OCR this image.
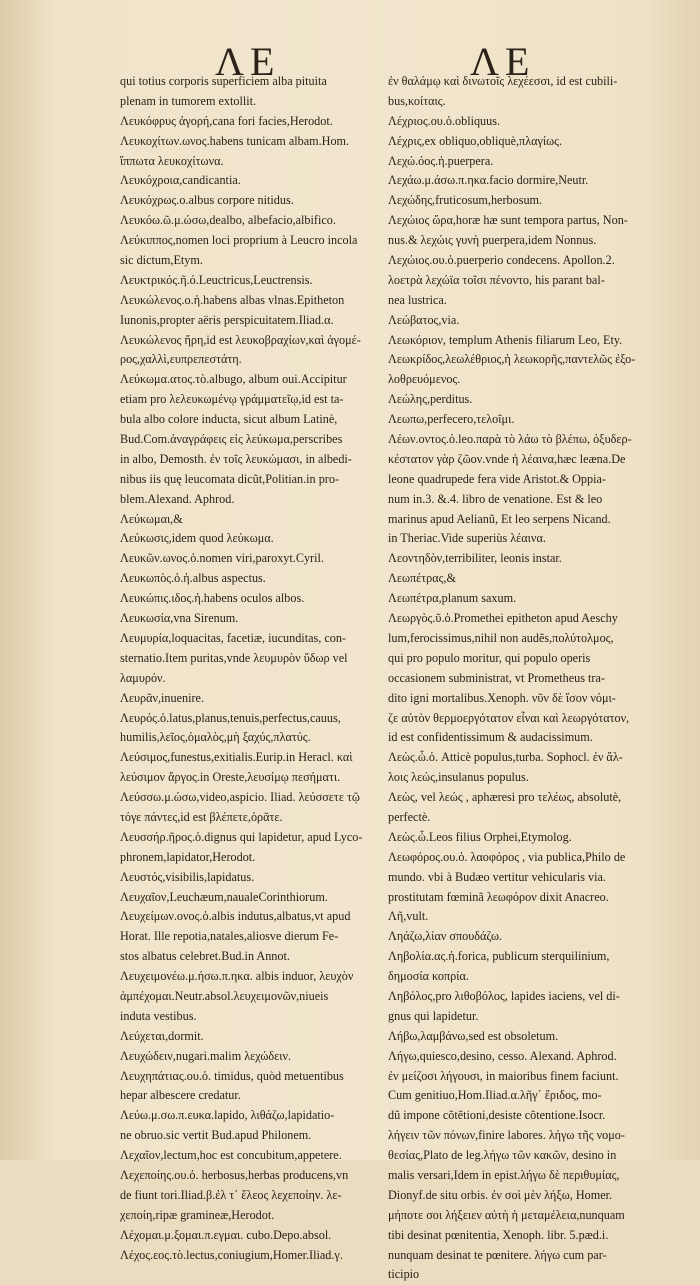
ΛΕ	ΛΕ
qui totius corporis superficiem alba pituita
plenam in tumorem extollit.
Λευκόφρυς ἀγορή,cana fori facies,Herodot.
Λευκοχίτων.ωνος.habens tunicam albam.Hom.
ἵππωτα λευκοχίτωνα.
Λευκόχροια,candicantia.
Λευκόχρως.ο.albus corpore nitidus.
Λευκόω.ῶ.μ.ώσω,dealbo, albefacio,albifico.
Λεύκιππος,nomen loci proprium à Leucro incola
sic dictum,Etym.
Λευκτρικός.ῆ.ό.Leuctricus,Leuctrensis.
Λευκώλενος.ο.ἡ.habens albas vlnas.Epitheton
Iunonis,propter aëris perspicuitatem.Iliad.α.
Λευκώλενος ἥρη,id est λευκοβραχίων,καὶ ἀγομέ-
ρος,χαλλὶ,ευπρεπεστάτη.
Λεύκωμα.ατος.τὸ.albugo, album oui.Accipitur
etiam pro λελευκωμένῳ γράμματεῖῳ,id est ta-
bula albo colore inducta, sicut album Latinè,
Bud.Com.ἀναγράφεις εἰς λεύκωμα,perscribes
in albo, Demosth. ἐν τοῖς λευκώμασι, in albedi-
nibus iis quę leucomata dicũt,Politian.in pro-
blem.Alexand. Aphrod.
Λεύκωμαι,&
Λεύκωσις,idem quod λεύκωμα.
Λευκῶν.ωνος.ὁ.nomen viri,paroxyt.Cyril.
Λευκωπὸς.ὁ.ἡ.albus aspectus.
Λευκώπις.ιδος.ἡ.habens oculos albos.
Λευκωσία,vna Sirenum.
Λευμυρία,loquacitas, facetiæ, iucunditas, con-
sternatio.Item puritas,vnde λευμυρὸν ὕδωρ vel
λαμυρόν.
Λευρᾶν,inuenire.
Λευρός.ὁ.latus,planus,tenuis,perfectus,cauus,
humilis,λεῖος,ὁμαλὸς,μὴ ξαχύς,πλατύς.
Λεύσιμος,funestus,exitialis.Eurip.in Heracl. καὶ
λεύσιμον ἄργος.in Oreste,λευσίμῳ πεσήματι.
Λεύσσω.μ.ώσω,video,aspicio. Iliad. λεύσσετε τῷ
τόγε πάντες,id est βλέπετε,ὁρᾶτε.
Λευσσήρ.ῆρος.ὁ.dignus qui lapidetur, apud Lyco-
phronem,lapidator,Herodot.
Λευστός,visibilis,lapidatus.
Λευχαῖον,Leuchæum,naualeCorinthiorum.
Λευχείμων.ονος.ὁ.albis indutus,albatus,vt apud
Horat. Ille repotia,natales,aliosve dierum Fe-
stos albatus celebret.Bud.in Annot.
Λευχειμονέω.μ.ήσω.π.ηκα. albis induor, λευχὸν
ἀμπέχομαι.Neutr.absol.λευχειμονῶν,niueis
induta vestibus.
Λεύχεται,dormit.
Λευχώδειν,nugari.malim λεχώδειν.
Λευχηπάτιας.ου.ὁ. timidus, quòd metuentibus
hepar albescere credatur.
Λεύω.μ.σω.π.ευκα.lapido, λιθάζω,lapidatio-
ne obruo.sic vertit Bud.apud Philonem.
Λεχαῖον,lectum,hoc est concubitum,appetere.
Λεχεποίης.ου.ὁ. herbosus,herbas producens,vn
de fiunt tori.Iliad.β.ἐλ τ᾽ ἕλεος λεχεποίην. λε-
χεποίη,ripæ gramineæ,Herodot.
Λέχομαι.μ.ξομαι.π.εγμαι. cubo.Depo.absol.
Λέχος.εος.τὸ.lectus,coniugium,Homer.Iliad.γ.
ἐν θαλάμῳ καὶ δινωτοῖς λεχέεσσι, id est cubili-
bus,κοίταις.
Λέχριος.ου.ὁ.obliquus.
Λέχρις,ex obliquo,obliquè,πλαγίως.
Λεχώ.όος.ἡ.puerpera.
Λεχάω.μ.άσω.π.ηκα.facio dormire,Neutr.
Λεχώδης,fruticosum,herbosum.
Λεχώιος ὥρα,horæ hæ sunt tempora partus, Non-
nus.& λεχώις γυνὴ puerpera,idem Nonnus.
Λεχώιος.ου.ὁ.puerperio condecens. Apollon.2.
λοετρὰ λεχώϊα τοῖσι πένοντο, his parant bal-
nea lustrica.
Λεώβατος,via.
Λεωκόριον, templum Athenis filiarum Leo, Ety.
Λεωκρίδος,λεωλέθριος,ἡ λεωκορῆς,παντελῶς ἐξο-
λοθρευόμενος.
Λεώλης,perditus.
Λεωπω,perfecero,τελοῖμι.
Λέων.οντος.ὁ.leo.παρὰ τὸ λάω τὸ βλέπω, ὀξυδερ-
κέστατον γὰρ ζῶον.vnde ἡ λέαινα,hæc leæna.De
leone quadrupede fera vide Aristot.& Oppia-
num in.3. &.4. libro de venatione. Est & leo
marinus apud Aelianũ, Et leo serpens Nicand.
in Theriac.Vide superiùs λέαινα.
Λεοντηδὸν,terribiliter, leonis instar.
Λεωπέτρας,&
Λεωπέτρα,planum saxum.
Λεωργὸς.ῦ.ὁ.Promethei epitheton apud Aeschy
lum,ferocissimus,nihil non audẽs,πολύτολμος,
qui pro populo moritur, qui populo operis
occasionem subministrat, vt Prometheus tra-
dito igni mortalibus.Xenoph. νῦν δὲ ἴσον νόμι-
ζε αὐτὸν θερμοεργότατον εἶναι καὶ λεωργότατον,
id est confidentissimum & audacissimum.
Λεὼς.ὦ.ὁ. Atticè populus,turba. Sophocl. ἐν ἄλ-
λοις λεώς,insulanus populus.
Λεὼς, vel λεώς , aphæresi pro τελέως, absolutè,
perfectè.
Λεὼς.ὦ.Leos filius Orphei,Etymolog.
Λεωφόρος.ου.ὁ. λαοφόρος , via publica,Philo de
mundo. vbi à Budæo vertitur vehicularis via.
prostitutam fœminã λεωφόρον dixit Anacreo.
Λῆ,vult.
Ληάζω,λίαν σπουδάζω.
Ληβολία.ας.ἡ.forica, publicum sterquilinium,
δημοσία κοπρία.
Ληβόλος,pro λιθοβόλος, lapides iaciens, vel di-
gnus qui lapidetur.
Λήβω,λαμβάνω,sed est obsoletum.
Λήγω,quiesco,desino, cesso. Alexand. Aphrod.
ἐν μείζοσι λήγουσι, in maioribus finem faciunt.
Cum genitiuo,Hom.Iliad.α.λῆγ᾽ ἔριδος, mo-
dũ impone cõtẽtioni,desiste cõtentione.Isocr.
λήγειν τῶν πόνων,finire labores. λήγω τῆς νομο-
θεσίας,Plato de leg.λήγω τῶν κακῶν, desino in
malis versari,Idem in epist.λήγω δὲ περιθυμίας,
Dionyf.de situ orbis. ἐν σοὶ μὲν λήξω, Homer.
μήποτε σοι λήξειεν αὐτὴ ἡ μεταμέλεια,nunquam
tibi desinat pœnitentia, Xenoph. libr. 5.pæd.i.
nunquam desinat te pœnitere. λήγω cum par-
ticipio
